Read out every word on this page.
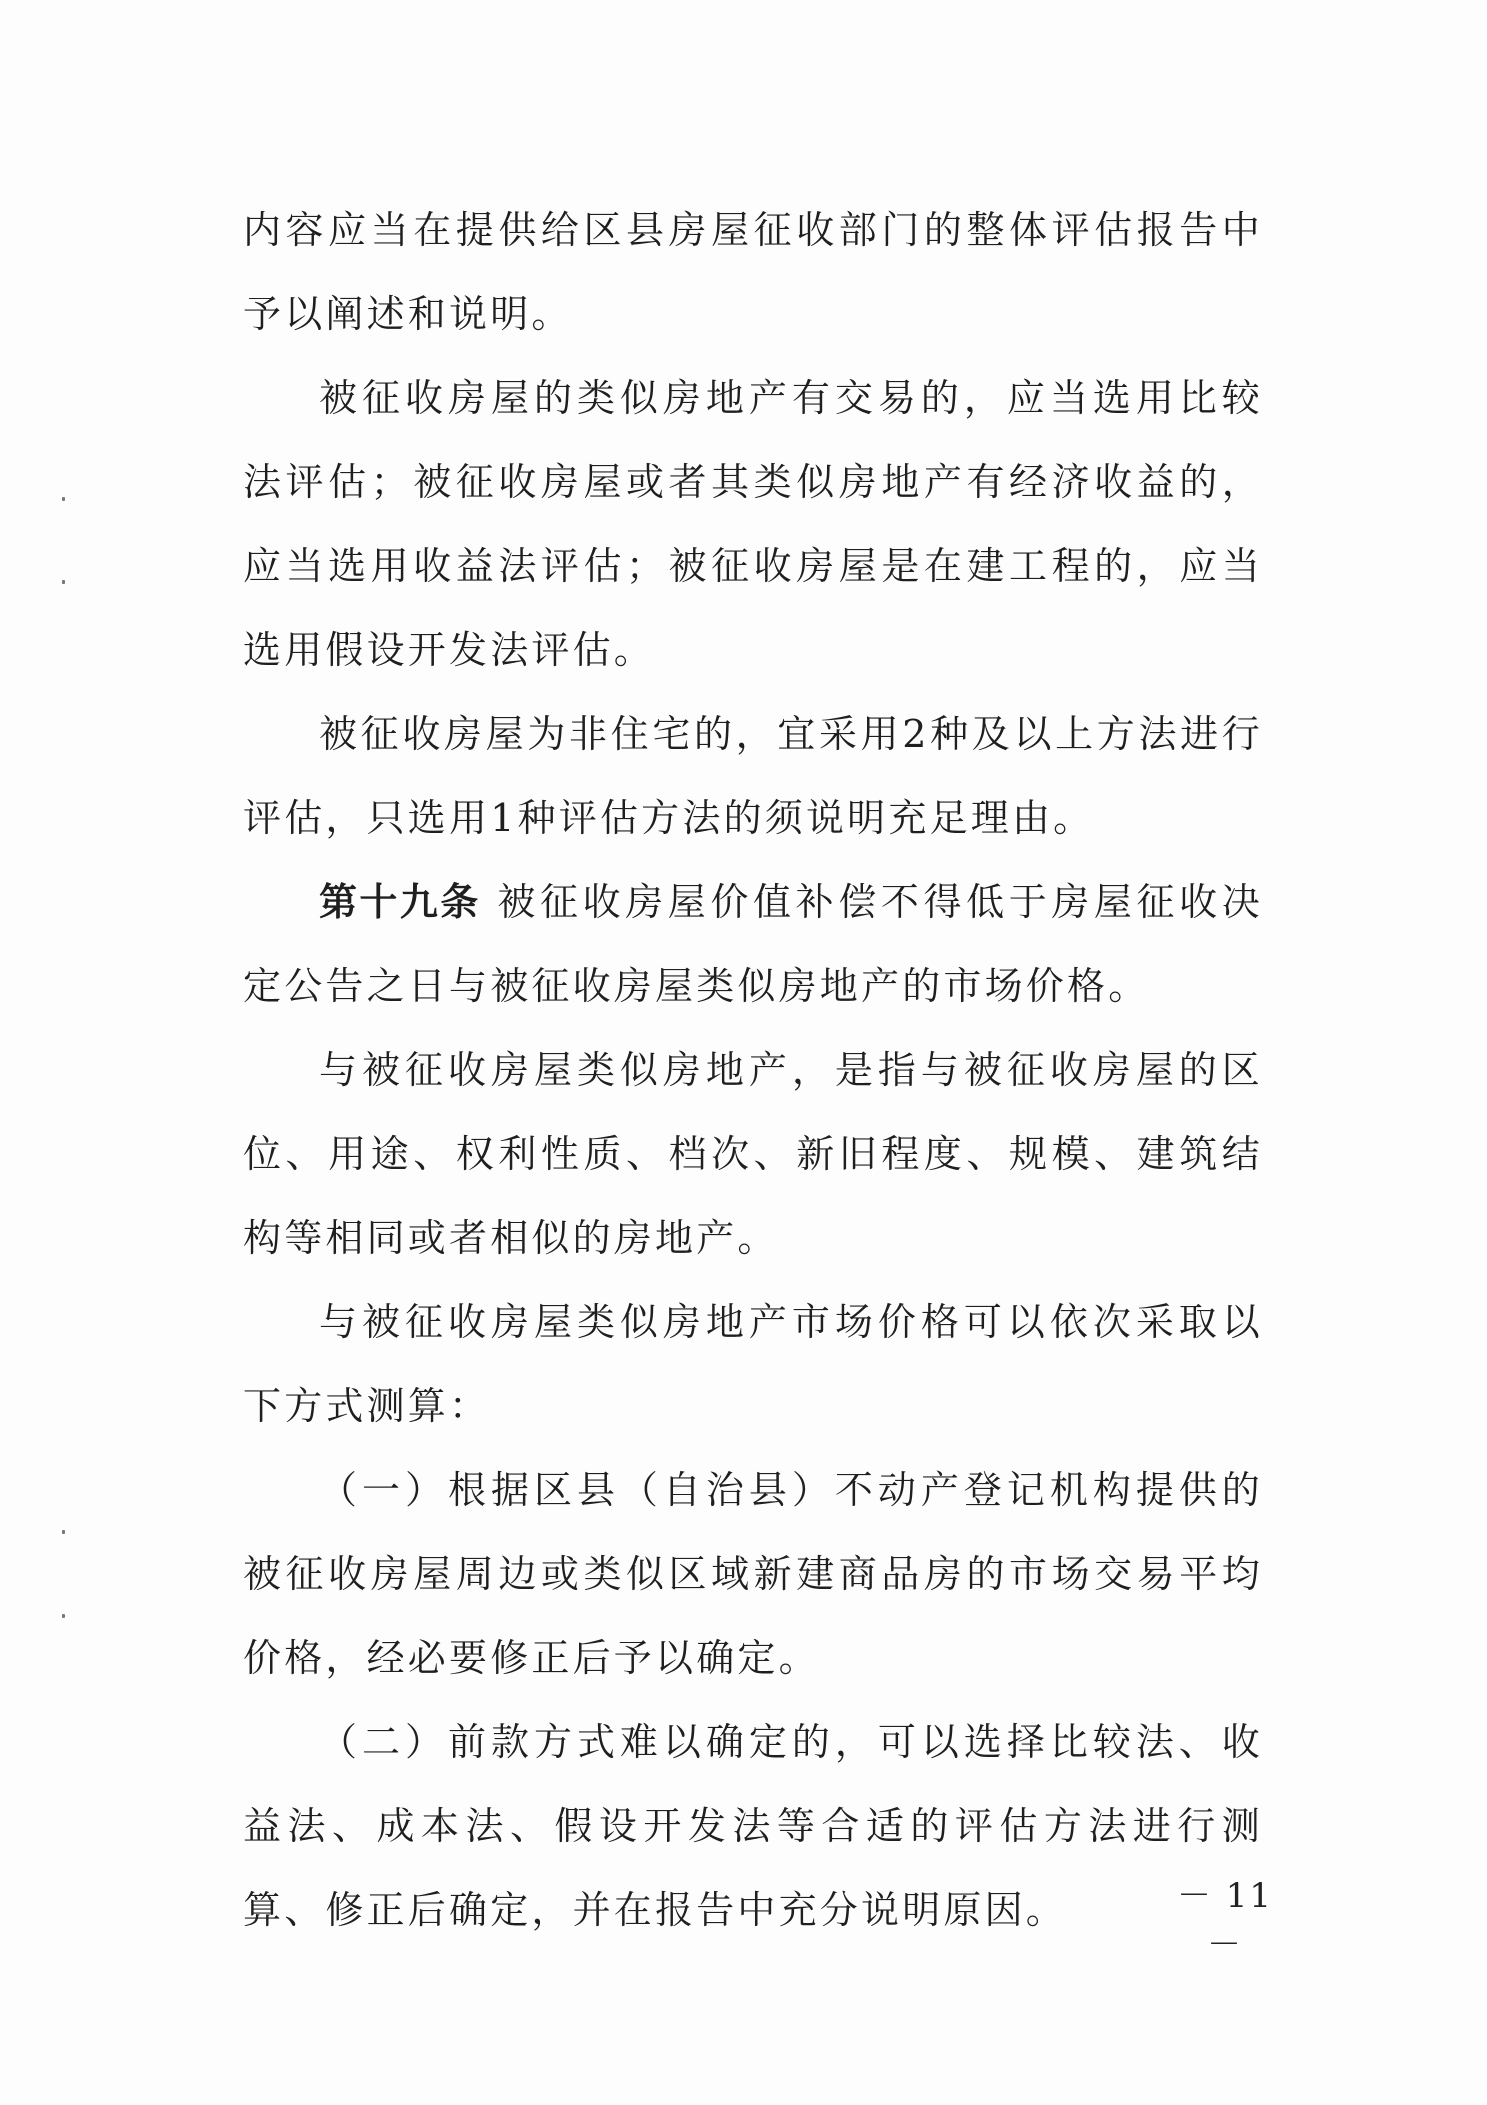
内容应当在提供给区县房屋征收部门的整体评估报告中予以阐述和说明。

被征收房屋的类似房地产有交易的，应当选用比较法评估；被征收房屋或者其类似房地产有经济收益的，应当选用收益法评估；被征收房屋是在建工程的，应当选用假设开发法评估。

被征收房屋为非住宅的，宜采用2种及以上方法进行评估，只选用1种评估方法的须说明充足理由。

第十九条 被征收房屋价值补偿不得低于房屋征收决定公告之日与被征收房屋类似房地产的市场价格。

与被征收房屋类似房地产，是指与被征收房屋的区位、用途、权利性质、档次、新旧程度、规模、建筑结构等相同或者相似的房地产。

与被征收房屋类似房地产市场价格可以依次采取以下方式测算：

（一）根据区县（自治县）不动产登记机构提供的被征收房屋周边或类似区域新建商品房的市场交易平均价格，经必要修正后予以确定。

（二）前款方式难以确定的，可以选择比较法、收益法、成本法、假设开发法等合适的评估方法进行测算、修正后确定，并在报告中充分说明原因。	－ 11 －
